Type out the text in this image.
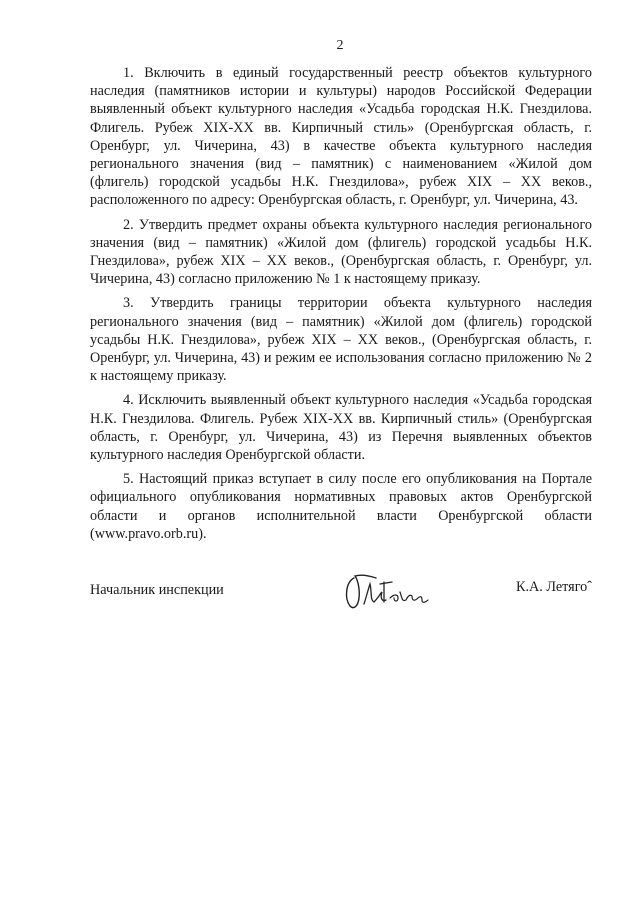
2

1. Включить в единый государственный реестр объектов культурного наследия (памятников истории и культуры) народов Российской Федерации выявленный объект культурного наследия «Усадьба городская Н.К. Гнездилова. Флигель. Рубеж XIX-XX вв. Кирпичный стиль» (Оренбургская область, г. Оренбург, ул. Чичерина, 43) в качестве объекта культурного наследия регионального значения (вид – памятник) с наименованием «Жилой дом (флигель) городской усадьбы Н.К. Гнездилова», рубеж XIX – XX веков., расположенного по адресу: Оренбургская область, г. Оренбург, ул. Чичерина, 43.

2. Утвердить предмет охраны объекта культурного наследия регионального значения (вид – памятник) «Жилой дом (флигель) городской усадьбы Н.К. Гнездилова», рубеж XIX – XX веков., (Оренбургская область, г. Оренбург, ул. Чичерина, 43) согласно приложению № 1 к настоящему приказу.

3. Утвердить границы территории объекта культурного наследия регионального значения (вид – памятник) «Жилой дом (флигель) городской усадьбы Н.К. Гнездилова», рубеж XIX – XX веков., (Оренбургская область, г. Оренбург, ул. Чичерина, 43) и режим ее использования согласно приложению № 2 к настоящему приказу.

4. Исключить выявленный объект культурного наследия «Усадьба городская Н.К. Гнездилова. Флигель. Рубеж XIX-XX вв. Кирпичный стиль» (Оренбургская область, г. Оренбург, ул. Чичерина, 43) из Перечня выявленных объектов культурного наследия Оренбургской области.

5. Настоящий приказ вступает в силу после его опубликования на Портале официального опубликования нормативных правовых актов Оренбургской области и органов исполнительной власти Оренбургской области (www.pravo.orb.ru).

Начальник инспекции	К.А. Летягоˆ
